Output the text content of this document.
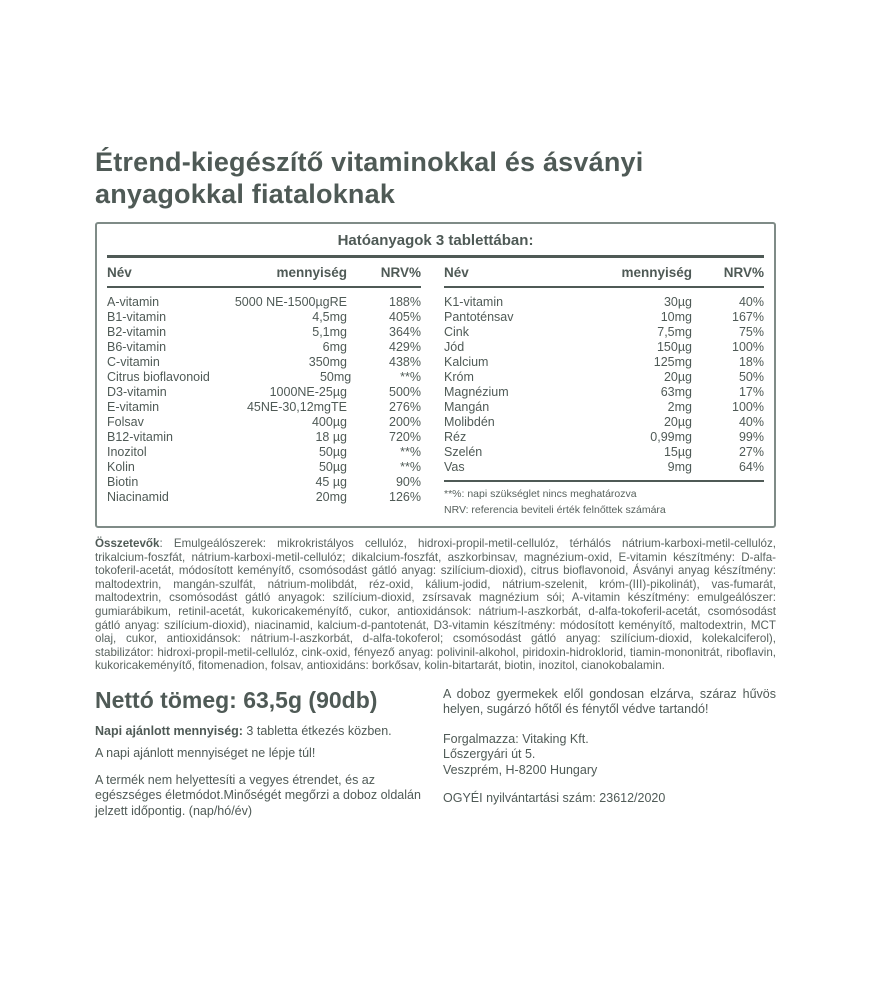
Étrend-kiegészítő vitaminokkal és ásványi
anyagokkal fiataloknak
Hatóanyagok 3 tablettában:
Név	mennyiség	NRV%
A-vitamin	5000 NE-1500µgRE	188%
B1-vitamin	4,5mg	405%
B2-vitamin	5,1mg	364%
B6-vitamin	6mg	429%
C-vitamin	350mg	438%
Citrus bioflavonoid	50mg	**%
D3-vitamin	1000NE-25µg	500%
E-vitamin	45NE-30,12mgTE	276%
Folsav	400µg	200%
B12-vitamin	18 µg	720%
Inozitol	50µg	**%
Kolin	50µg	**%
Biotin	45 µg	90%
Niacinamid	20mg	126%
Név	mennyiség	NRV%
K1-vitamin	30µg	40%
Pantoténsav	10mg	167%
Cink	7,5mg	75%
Jód	150µg	100%
Kalcium	125mg	18%
Króm	20µg	50%
Magnézium	63mg	17%
Mangán	2mg	100%
Molibdén	20µg	40%
Réz	0,99mg	99%
Szelén	15µg	27%
Vas	9mg	64%
**%: napi szükséglet nincs meghatározva
NRV: referencia beviteli érték felnőttek számára

Összetevők: Emulgeálószerek: mikrokristályos cellulóz, hidroxi-propil-metil-cellulóz, térhálós nátrium-karboxi-metil-cellulóz, trikalcium-foszfát, nátrium-karboxi-metil-cellulóz; dikalcium-foszfát, aszkorbinsav, magnézium-oxid, E-vitamin készítmény: D-alfa-tokoferil-acetát, módosított keményítő, csomósodást gátló anyag: szilícium-dioxid), citrus bioflavonoid, Ásványi anyag készítmény: maltodextrin, mangán-szulfát, nátrium-molibdát, réz-oxid, kálium-jodid, nátrium-szelenit, króm-(III)-pikolinát), vas-fumarát, maltodextrin, csomósodást gátló anyagok: szilícium-dioxid, zsírsavak magnézium sói; A-vitamin készítmény: emulgeálószer: gumiarábikum, retinil-acetát, kukoricakeményítő, cukor, antioxidánsok: nátrium-l-aszkorbát, d-alfa-tokoferil-acetát, csomósodást gátló anyag: szilícium-dioxid), niacinamid, kalcium-d-pantotenát, D3-vitamin készítmény: módosított keményítő, maltodextrin, MCT olaj, cukor, antioxidánsok: nátrium-l-aszkorbát, d-alfa-tokoferol; csomósodást gátló anyag: szilícium-dioxid, kolekalciferol), stabilizátor: hidroxi-propil-metil-cellulóz, cink-oxid, fényező anyag: polivinil-alkohol, piridoxin-hidroklorid, tiamin-mononitrát, riboflavin, kukoricakeményítő, fitomenadion, folsav, antioxidáns: borkősav, kolin-bitartarát, biotin, inozitol, cianokobalamin.

Nettó tömeg: 63,5g (90db)

Napi ajánlott mennyiség: 3 tabletta étkezés közben.

A napi ajánlott mennyiséget ne lépje túl!

A termék nem helyettesíti a vegyes étrendet, és az egészséges életmódot.Minőségét megőrzi a doboz oldalán jelzett időpontig. (nap/hó/év)

A doboz gyermekek elől gondosan elzárva, száraz hűvös helyen, sugárzó hőtől és fénytől védve tartandó!

Forgalmazza: Vitaking Kft.
Lőszergyári út 5.
Veszprém, H-8200 Hungary
OGYÉI nyilvántartási szám: 23612/2020
